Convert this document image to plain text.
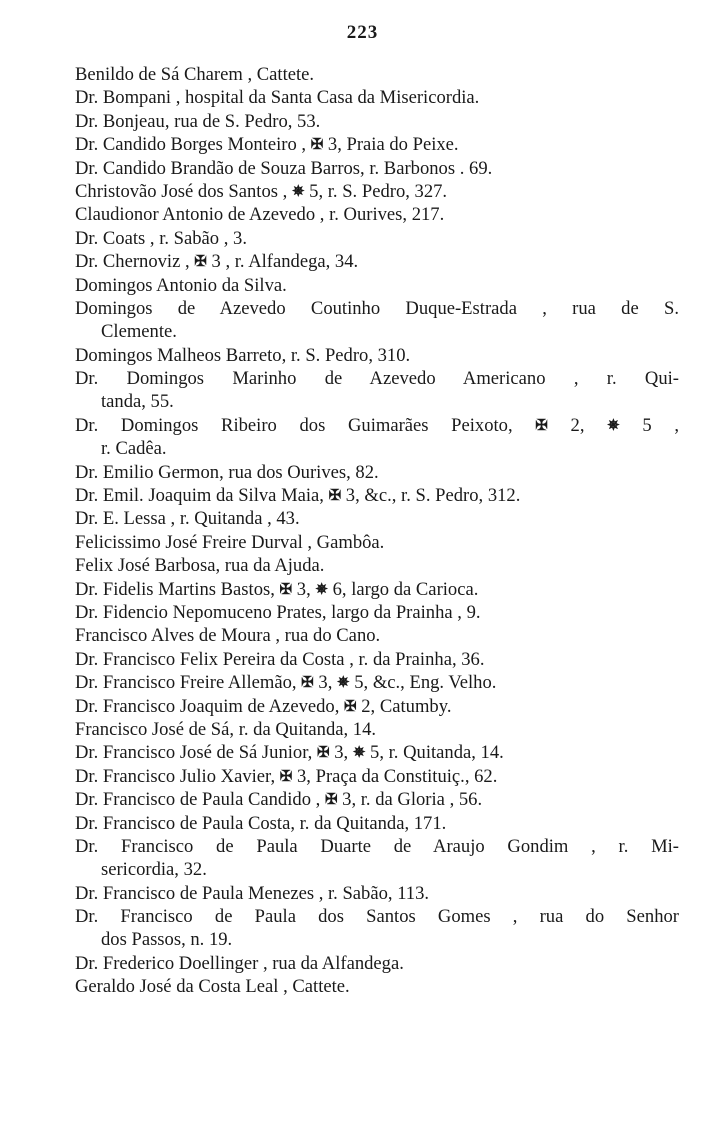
223
Benildo de Sá Charem , Cattete.
Dr. Bompani , hospital da Santa Casa da Misericordia.
Dr. Bonjeau, rua de S. Pedro, 53.
Dr. Candido Borges Monteiro , ✠ 3, Praia do Peixe.
Dr. Candido Brandão de Souza Barros, r. Barbonos . 69.
Christovão José dos Santos , ✵ 5, r. S. Pedro, 327.
Claudionor Antonio de Azevedo , r. Ourives, 217.
Dr. Coats , r. Sabão , 3.
Dr. Chernoviz , ✠ 3 , r. Alfandega, 34.
Domingos Antonio da Silva.
Domingos de Azevedo Coutinho Duque-Estrada , rua de S.
Clemente.
Domingos Malheos Barreto, r. S. Pedro, 310.
Dr. Domingos Marinho de Azevedo Americano , r. Qui-
tanda, 55.
Dr. Domingos Ribeiro dos Guimarães Peixoto, ✠ 2, ✵ 5 ,
r. Cadêa.
Dr. Emilio Germon, rua dos Ourives, 82.
Dr. Emil. Joaquim da Silva Maia, ✠ 3, &c., r. S. Pedro, 312.
Dr. E. Lessa , r. Quitanda , 43.
Felicissimo José Freire Durval , Gambôa.
Felix José Barbosa, rua da Ajuda.
Dr. Fidelis Martins Bastos, ✠ 3, ✵ 6, largo da Carioca.
Dr. Fidencio Nepomuceno Prates, largo da Prainha , 9.
Francisco Alves de Moura , rua do Cano.
Dr. Francisco Felix Pereira da Costa , r. da Prainha, 36.
Dr. Francisco Freire Allemão, ✠ 3, ✵ 5, &c., Eng. Velho.
Dr. Francisco Joaquim de Azevedo, ✠ 2, Catumby.
Francisco José de Sá, r. da Quitanda, 14.
Dr. Francisco José de Sá Junior, ✠ 3, ✵ 5, r. Quitanda, 14.
Dr. Francisco Julio Xavier, ✠ 3, Praça da Constituiç., 62.
Dr. Francisco de Paula Candido , ✠ 3, r. da Gloria , 56.
Dr. Francisco de Paula Costa, r. da Quitanda, 171.
Dr. Francisco de Paula Duarte de Araujo Gondim , r. Mi-
sericordia, 32.
Dr. Francisco de Paula Menezes , r. Sabão, 113.
Dr. Francisco de Paula dos Santos Gomes , rua do Senhor
dos Passos, n. 19.
Dr. Frederico Doellinger , rua da Alfandega.
Geraldo José da Costa Leal , Cattete.
